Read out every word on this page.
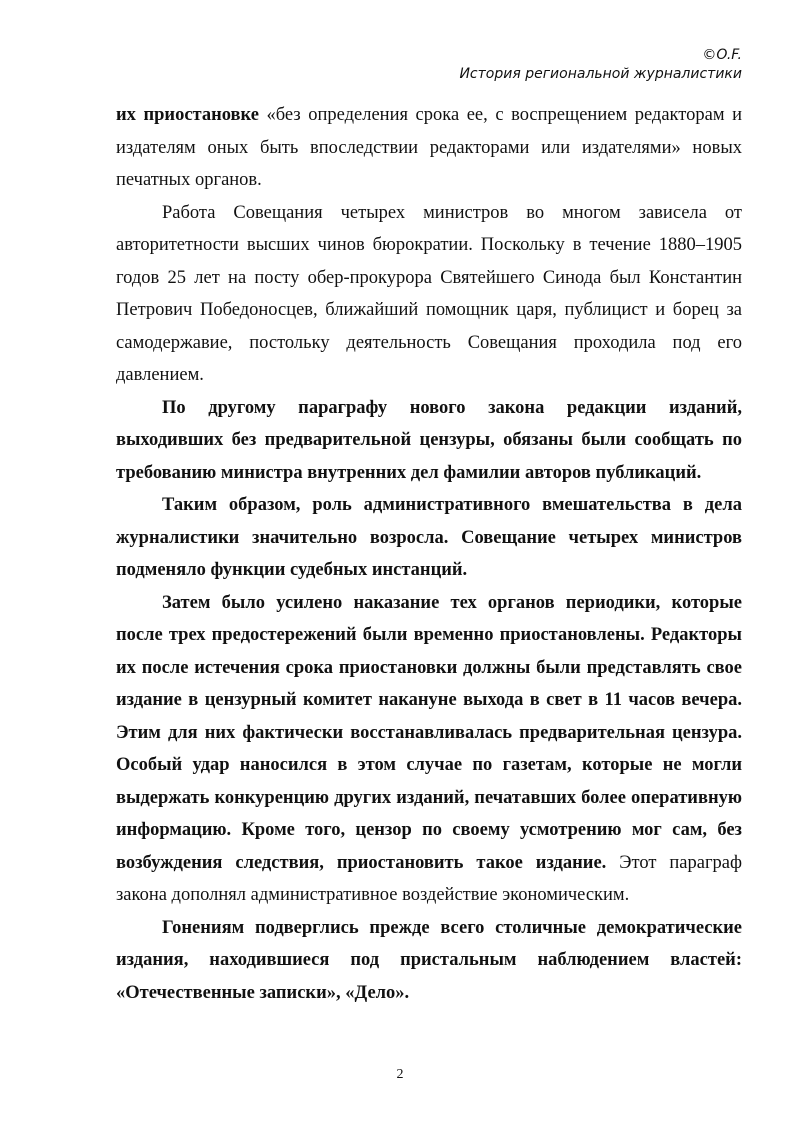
©O.F.
История региональной журналистики

их приостановке «без определения срока ее, с воспрещением редакторам и издателям оных быть впоследствии редакторами или издателями» новых печатных органов.

Работа Совещания четырех министров во многом зависела от авторитетности высших чинов бюрократии. Поскольку в течение 1880–1905 годов 25 лет на посту обер-прокурора Святейшего Синода был Константин Петрович Победоносцев, ближайший помощник царя, публицист и борец за самодержавие, постольку деятельность Совещания проходила под его давлением.

По другому параграфу нового закона редакции изданий, выходивших без предварительной цензуры, обязаны были сообщать по требованию министра внутренних дел фамилии авторов публикаций.

Таким образом, роль административного вмешательства в дела журналистики значительно возросла. Совещание четырех министров подменяло функции судебных инстанций.

Затем было усилено наказание тех органов периодики, которые после трех предостережений были временно приостановлены. Редакторы их после истечения срока приостановки должны были представлять свое издание в цензурный комитет накануне выхода в свет в 11 часов вечера. Этим для них фактически восстанавливалась предварительная цензура. Особый удар наносился в этом случае по газетам, которые не могли выдержать конкуренцию других изданий, печатавших более оперативную информацию. Кроме того, цензор по своему усмотрению мог сам, без возбуждения следствия, приостановить такое издание. Этот параграф закона дополнял административное воздействие экономическим.

Гонениям подверглись прежде всего столичные демократические издания, находившиеся под пристальным наблюдением властей: «Отечественные записки», «Дело».

2
